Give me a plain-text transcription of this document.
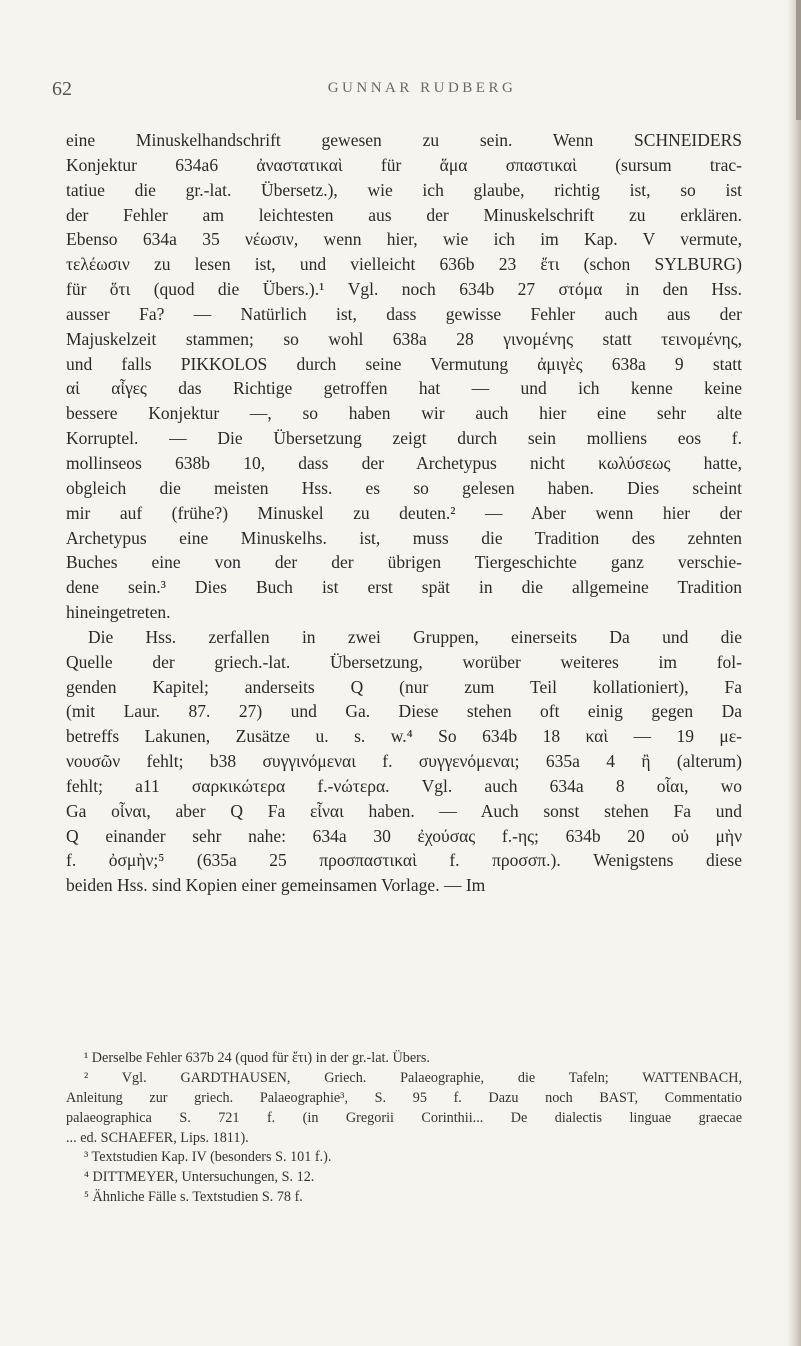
62	GUNNAR RUDBERG
eine Minuskelhandschrift gewesen zu sein. Wenn SCHNEIDERS
Konjektur 634a6 ἀναστατικαὶ für ἅμα σπαστικαὶ (sursum trac-
tatiue die gr.-lat. Übersetz.), wie ich glaube, richtig ist, so ist
der Fehler am leichtesten aus der Minuskelschrift zu erklären.
Ebenso 634a 35 νέωσιν, wenn hier, wie ich im Kap. V vermute,
τελέωσιν zu lesen ist, und vielleicht 636b 23 ἔτι (schon SYLBURG)
für ὅτι (quod die Übers.).¹ Vgl. noch 634b 27 στόμα in den Hss.
ausser Fa? — Natürlich ist, dass gewisse Fehler auch aus der
Majuskelzeit stammen; so wohl 638a 28 γινομένης statt τεινομένης,
und falls PIKKOLOS durch seine Vermutung ἀμιγὲς 638a 9 statt
αἱ αἶγες das Richtige getroffen hat — und ich kenne keine
bessere Konjektur —, so haben wir auch hier eine sehr alte
Korruptel. — Die Übersetzung zeigt durch sein molliens eos f.
mollinseos 638b 10, dass der Archetypus nicht κωλύσεως hatte,
obgleich die meisten Hss. es so gelesen haben. Dies scheint
mir auf (frühe?) Minuskel zu deuten.² — Aber wenn hier der
Archetypus eine Minuskelhs. ist, muss die Tradition des zehnten
Buches eine von der der übrigen Tiergeschichte ganz verschie-
dene sein.³ Dies Buch ist erst spät in die allgemeine Tradition
hineingetreten.
Die Hss. zerfallen in zwei Gruppen, einerseits Da und die
Quelle der griech.-lat. Übersetzung, worüber weiteres im fol-
genden Kapitel; anderseits Q (nur zum Teil kollationiert), Fa
(mit Laur. 87. 27) und Ga. Diese stehen oft einig gegen Da
betreffs Lakunen, Zusätze u. s. w.⁴ So 634b 18 καὶ — 19 με-
νουσῶν fehlt; b38 συγγινόμεναι f. συγγενόμεναι; 635a 4 ἢ (alterum)
fehlt; a11 σαρκικώτερα f.-νώτερα. Vgl. auch 634a 8 οἷαι, wo
Ga οἷναι, aber Q Fa εἶναι haben. — Auch sonst stehen Fa und
Q einander sehr nahe: 634a 30 ἐχούσας f.-ης; 634b 20 οὐ μὴν
f. ὀσμὴν;⁵ (635a 25 προσπαστικαὶ f. προσσπ.). Wenigstens diese
beiden Hss. sind Kopien einer gemeinsamen Vorlage. — Im
¹ Derselbe Fehler 637b 24 (quod für ἔτι) in der gr.-lat. Übers.
² Vgl. GARDTHAUSEN, Griech. Palaeographie, die Tafeln; WATTENBACH,
Anleitung zur griech. Palaeographie³, S. 95 f. Dazu noch BAST, Commentatio
palaeographica S. 721 f. (in Gregorii Corinthii... De dialectis linguae graecae
... ed. SCHAEFER, Lips. 1811).
³ Textstudien Kap. IV (besonders S. 101 f.).
⁴ DITTMEYER, Untersuchungen, S. 12.
⁵ Ähnliche Fälle s. Textstudien S. 78 f.
